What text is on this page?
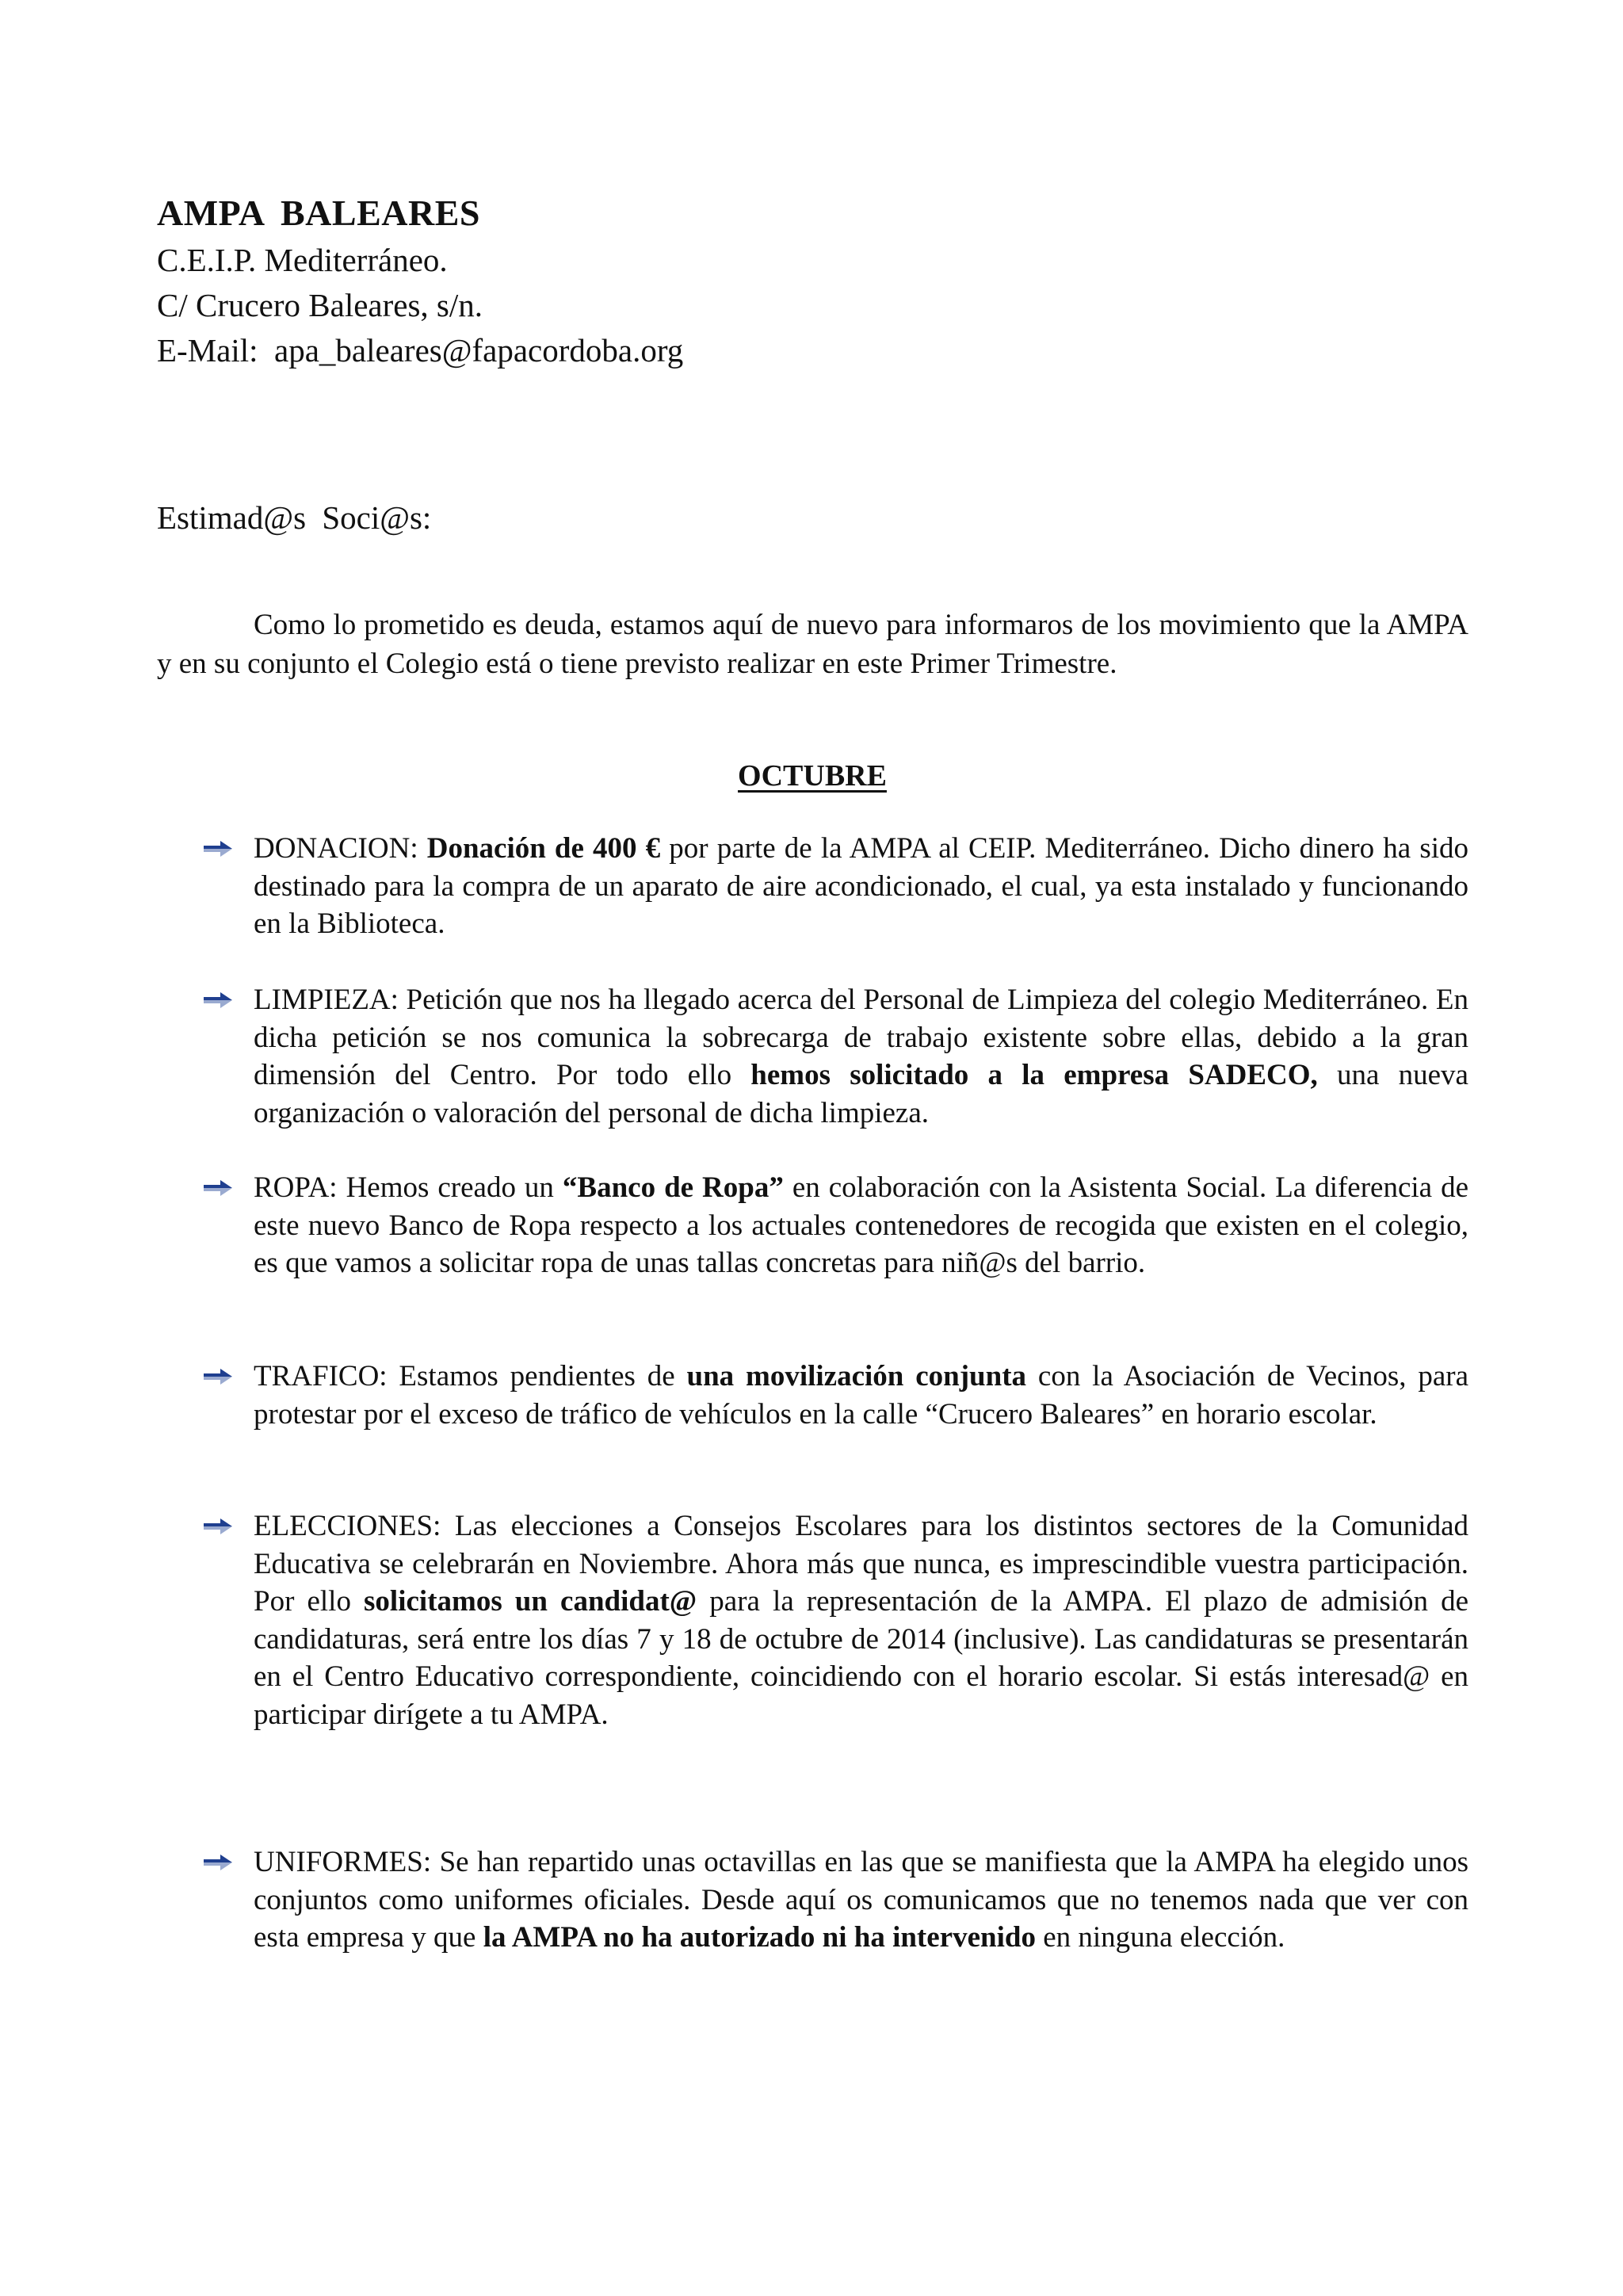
AMPA BALEARES
C.E.I.P. Mediterráneo.
C/ Crucero Baleares, s/n.
E-Mail: apa_baleares@fapacordoba.org
Estimad@s Soci@s:

Como lo prometido es deuda, estamos aquí de nuevo para informaros de los movimiento que la AMPA y en su conjunto el Colegio está o tiene previsto realizar en este Primer Trimestre.

OCTUBRE

DONACION: Donación de 400 € por parte de la AMPA al CEIP. Mediterráneo. Dicho dinero ha sido destinado para la compra de un aparato de aire acondicionado, el cual, ya esta instalado y funcionando en la Biblioteca.

LIMPIEZA: Petición que nos ha llegado acerca del Personal de Limpieza del colegio Mediterráneo. En dicha petición se nos comunica la sobrecarga de trabajo existente sobre ellas, debido a la gran dimensión del Centro. Por todo ello hemos solicitado a la empresa SADECO, una nueva organización o valoración del personal de dicha limpieza.

ROPA: Hemos creado un “Banco de Ropa” en colaboración con la Asistenta Social. La diferencia de este nuevo Banco de Ropa respecto a los actuales contenedores de recogida que existen en el colegio, es que vamos a solicitar ropa de unas tallas concretas para niñ@s del barrio.

TRAFICO: Estamos pendientes de una movilización conjunta con la Asociación de Vecinos, para protestar por el exceso de tráfico de vehículos en la calle “Crucero Baleares” en horario escolar.

ELECCIONES: Las elecciones a Consejos Escolares para los distintos sectores de la Comunidad Educativa se celebrarán en Noviembre. Ahora más que nunca, es imprescindible vuestra participación. Por ello solicitamos un candidat@ para la representación de la AMPA. El plazo de admisión de candidaturas, será entre los días 7 y 18 de octubre de 2014 (inclusive). Las candidaturas se presentarán en el Centro Educativo correspondiente, coincidiendo con el horario escolar. Si estás interesad@ en participar dirígete a tu AMPA.

UNIFORMES: Se han repartido unas octavillas en las que se manifiesta que la AMPA ha elegido unos conjuntos como uniformes oficiales. Desde aquí os comunicamos que no tenemos nada que ver con esta empresa y que la AMPA no ha autorizado ni ha intervenido en ninguna elección.
